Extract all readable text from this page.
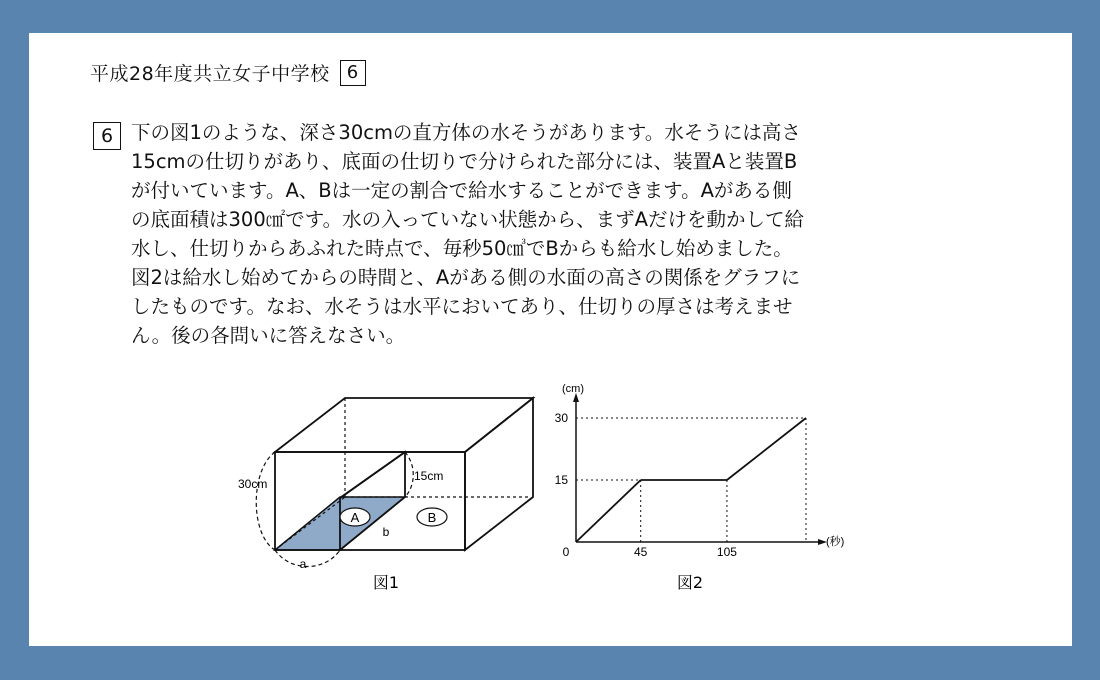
平成28年度共立女子中学校 6
6 下の図1のような、深さ30cmの直方体の水そうがあります。水そうには高さ
15cmの仕切りがあり、底面の仕切りで分けられた部分には、装置Aと装置B
が付いています。A、Bは一定の割合で給水することができます。Aがある側
の底面積は300㎠です。水の入っていない状態から、まずAだけを動かして給
水し、仕切りからあふれた時点で、毎秒50㎤でBからも給水し始めました。
図2は給水し始めてからの時間と、Aがある側の水面の高さの関係をグラフに
したものです。なお、水そうは水平においてあり、仕切りの厚さは考えませ
ん。後の各問いに答えなさい。
A	B
30cm
15cm
a
b
図1
30
15
45	105
(cm)
(秒)
0
図2
